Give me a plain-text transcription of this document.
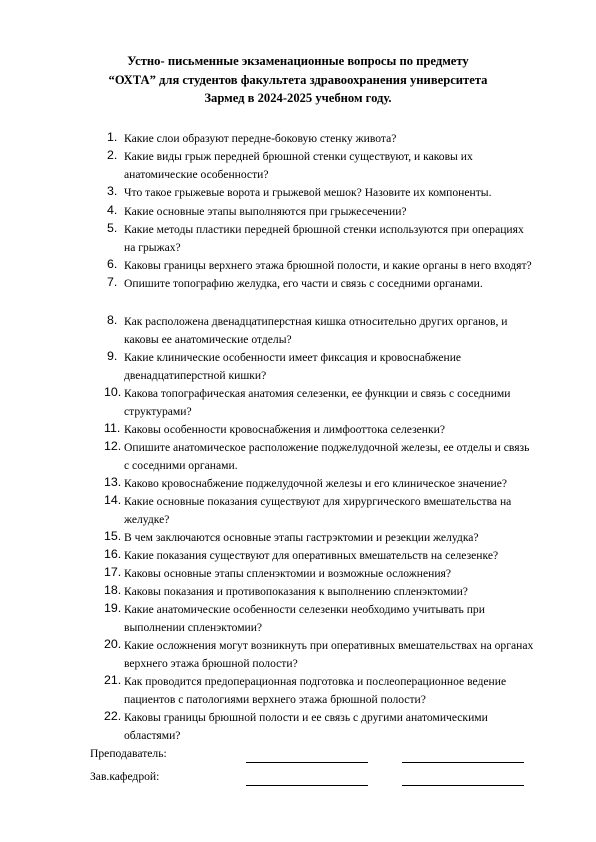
Устно- письменные экзаменационные вопросы по предмету
“ОХТА” для студентов факультета здравоохранения университета
Зармед в 2024-2025 учебном году.
1. Какие слои образуют передне-боковую стенку живота?
2. Какие виды грыж передней брюшной стенки существуют, и каковы их
анатомические особенности?
3. Что такое грыжевые ворота и грыжевой мешок? Назовите их компоненты.
4. Какие основные этапы выполняются при грыжесечении?
5. Какие методы пластики передней брюшной стенки используются при операциях
на грыжах?
6. Каковы границы верхнего этажа брюшной полости, и какие органы в него входят?
7. Опишите топографию желудка, его части и связь с соседними органами.
8. Как расположена двенадцатиперстная кишка относительно других органов, и
каковы ее анатомические отделы?
9. Какие клинические особенности имеет фиксация и кровоснабжение
двенадцатиперстной кишки?
10. Какова топографическая анатомия селезенки, ее функции и связь с соседними
структурами?
11. Каковы особенности кровоснабжения и лимфооттока селезенки?
12. Опишите анатомическое расположение поджелудочной железы, ее отделы и связь
с соседними органами.
13. Каково кровоснабжение поджелудочной железы и его клиническое значение?
14. Какие основные показания существуют для хирургического вмешательства на
желудке?
15. В чем заключаются основные этапы гастрэктомии и резекции желудка?
16. Какие показания существуют для оперативных вмешательств на селезенке?
17. Каковы основные этапы спленэктомии и возможные осложнения?
18. Каковы показания и противопоказания к выполнению спленэктомии?
19. Какие анатомические особенности селезенки необходимо учитывать при
выполнении спленэктомии?
20. Какие осложнения могут возникнуть при оперативных вмешательствах на органах
верхнего этажа брюшной полости?
21. Как проводится предоперационная подготовка и послеоперационное ведение
пациентов с патологиями верхнего этажа брюшной полости?
22. Каковы границы брюшной полости и ее связь с другими анатомическими
областями?
Преподаватель:
Зав.кафедрой:
